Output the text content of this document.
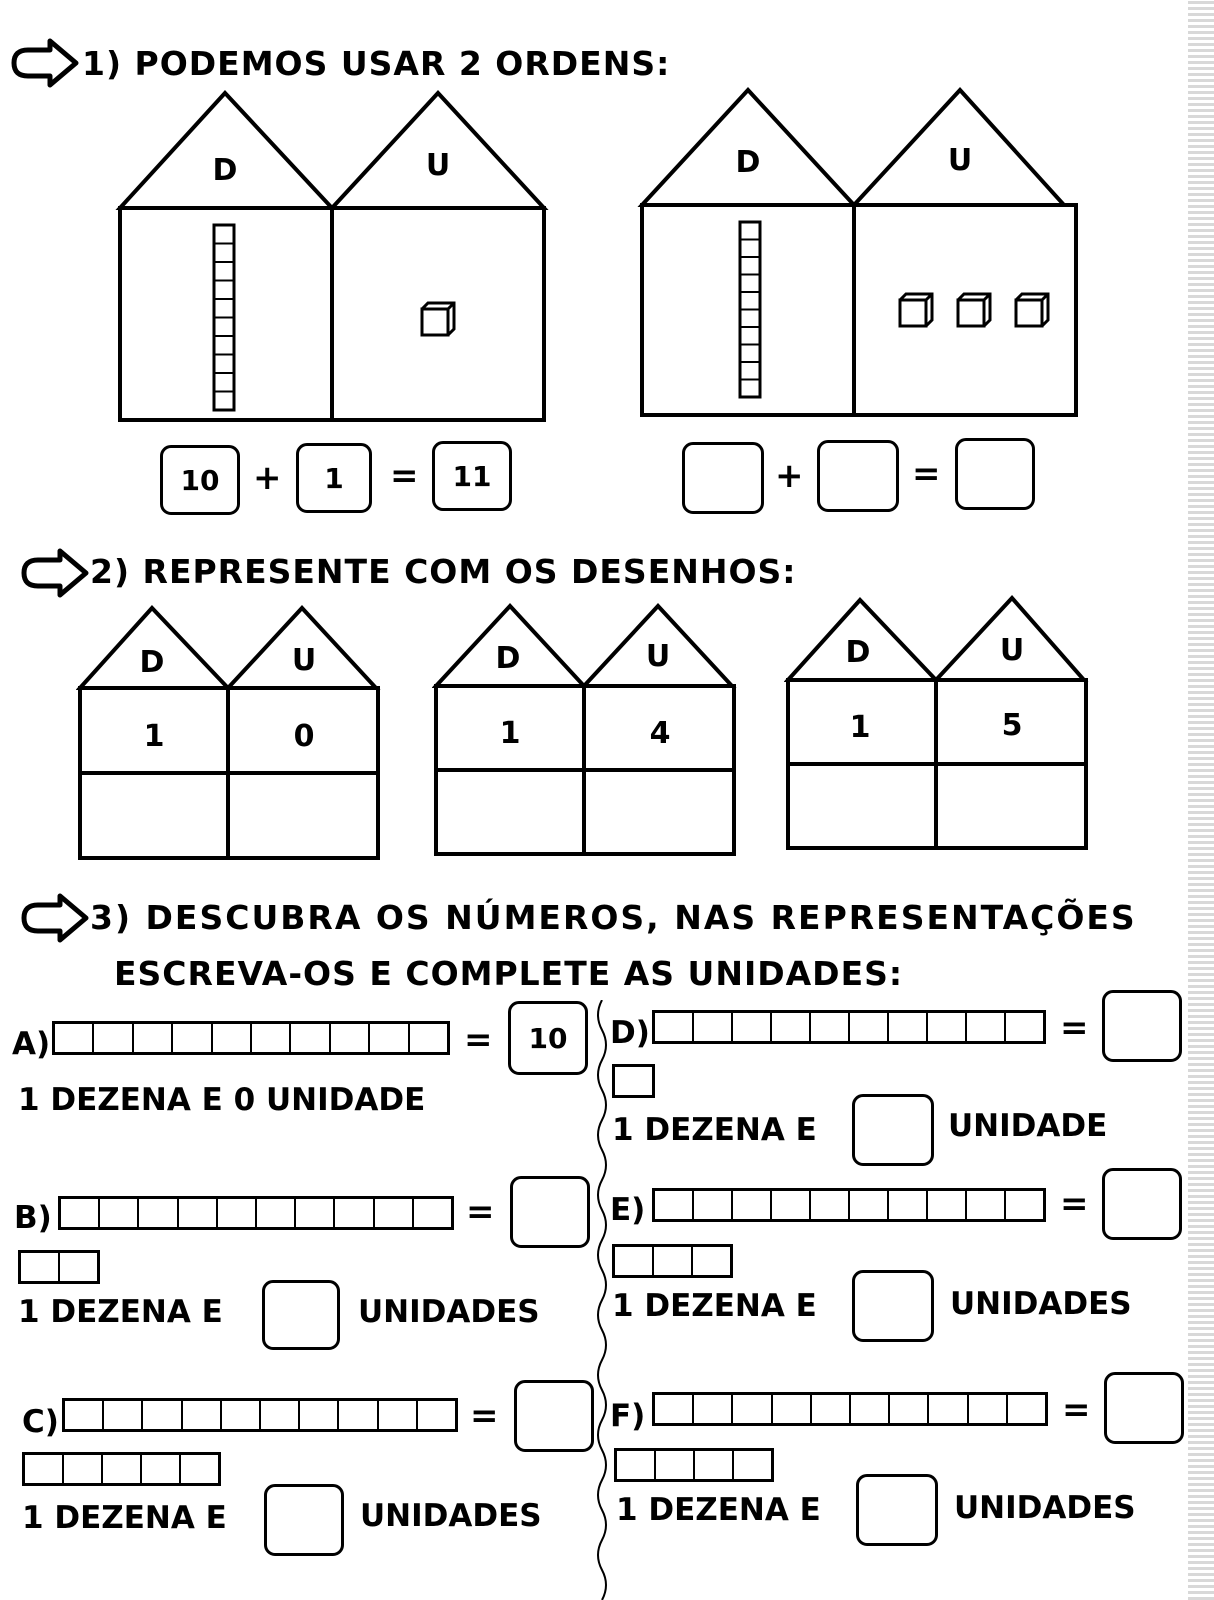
1) PODEMOS USAR 2 ORDENS:
D	U	D	U
10 +	1	=	11	+	=
2) REPRESENTE COM OS DESENHOS:
D	U
1	0
D	U
1	4
D	U
1	5
3) DESCUBRA OS NÚMEROS, NAS REPRESENTAÇÕES
ESCREVA-OS E COMPLETE AS UNIDADES:
A)	=	10
1 DEZENA E 0 UNIDADE
B)	=
1 DEZENA E	UNIDADES
C)	=
1 DEZENA E	UNIDADES
D)	=
1 DEZENA E	UNIDADE
E)	=
1 DEZENA E	UNIDADES
F)	=
1 DEZENA E	UNIDADES
